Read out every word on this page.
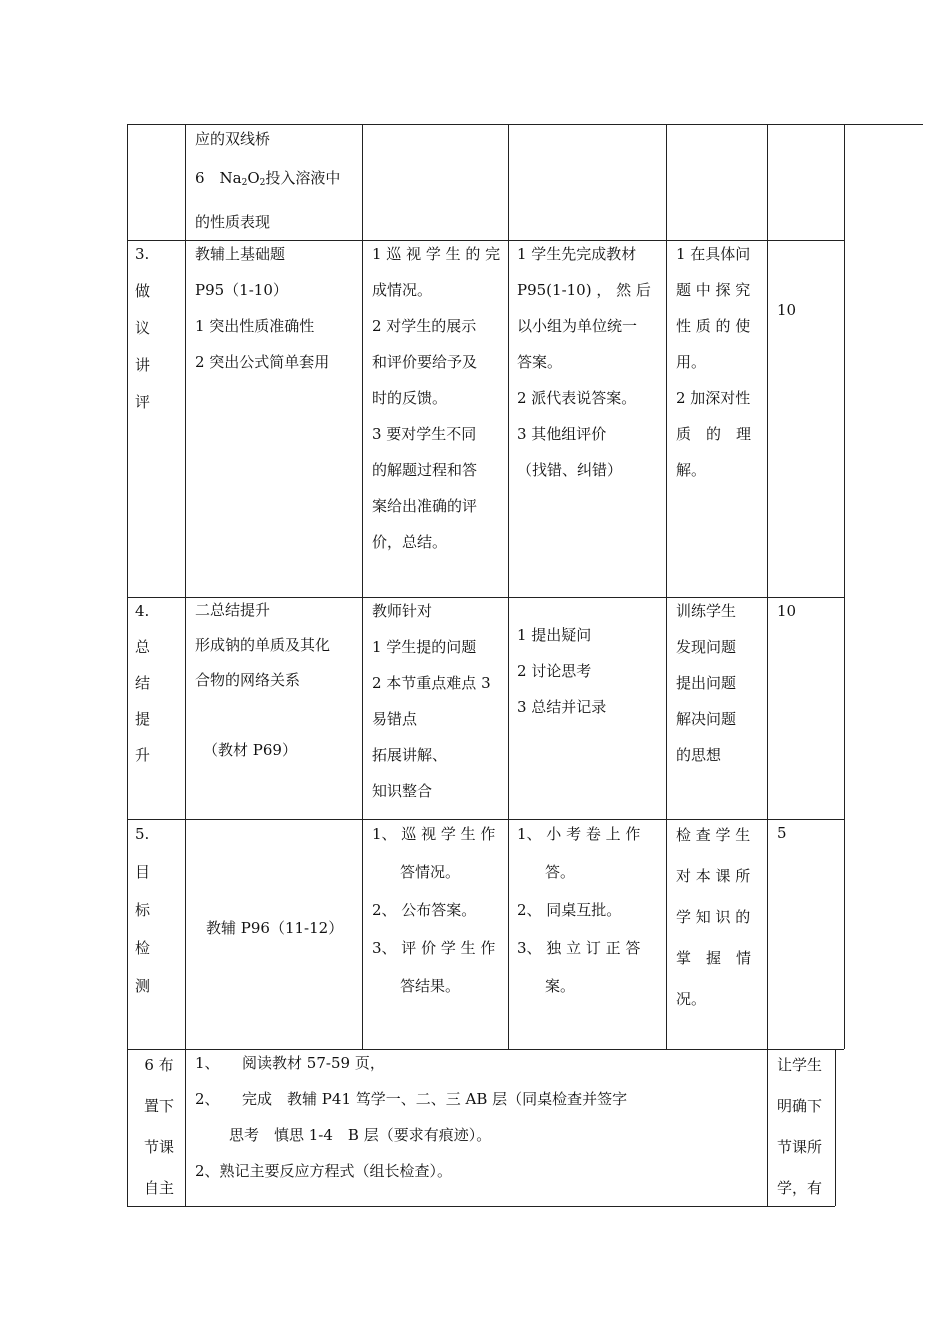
应的双线桥
6　$Na_2O_2$投入溶液中
的性质表现
3.
做
议
讲
评
教辅上基础题
P95（1-10）
1 突出性质准确性
2 突出公式简单套用
1 巡 视 学 生 的 完
成情况。
2 对学生的展示
和评价要给予及
时的反馈。
3 要对学生不同
的解题过程和答
案给出准确的评
价，总结。
1 学生先完成教材
P95(1-10) ， 然 后
以小组为单位统一
答案。
2 派代表说答案。
3 其他组评价
（找错、纠错）
1 在具体问
题 中 探 究
性 质 的 使
用。
2 加深对性
质　的　理
解。
10
4.
总
结
提
升
二总结提升
形成钠的单质及其化
合物的网络关系

（教材 P69）
教师针对
1 学生提的问题
2 本节重点难点 3
易错点
拓展讲解、
知识整合
1 提出疑问
2 讨论思考
3 总结并记录
训练学生
发现问题
提出问题
解决问题
的思想
10
5.
目
标
检
测
教辅 P96（11-12）
1、 巡 视 学 生 作
答情况。
2、 公布答案。
3、 评 价 学 生 作
答结果。
1、 小 考 卷 上 作
答。
2、 同桌互批。
3、 独 立 订 正 答
案。
检 查 学 生
对 本 课 所
学 知 识 的
掌　握　情
况。
5
6 布
置下
节课
自主
1、　　阅读教材 57-59 页，
2、　　完成　教辅 P41 笃学一、二、三 AB 层（同桌检查并签字
思考　慎思 1-4　B 层（要求有痕迹）。
2、熟记主要反应方程式（组长检查）。
让学生
明确下
节课所
学，有
